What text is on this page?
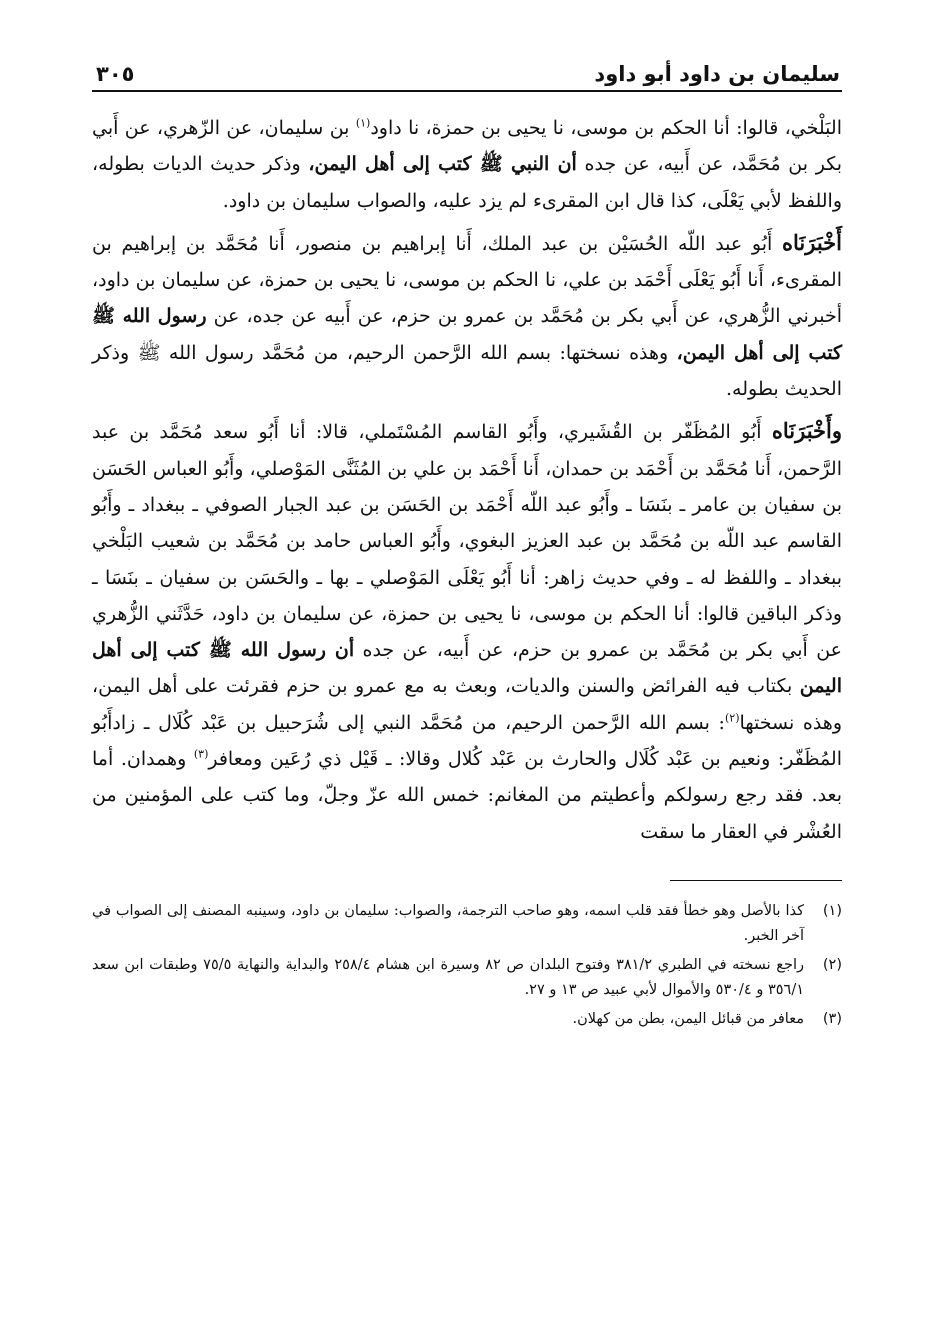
سليمان بن داود أبو داود
٣٠٥

البَلْخي، قالوا: أنا الحكم بن موسى، نا يحيى بن حمزة، نا داود$^{(١)}$ بن سليمان، عن الزّهري، عن أَبي بكر بن مُحَمَّد، عن أَبيه، عن جده أن النبي ﷺ كتب إلى أهل اليمن، وذكر حديث الديات بطوله، واللفظ لأبي يَعْلَى، كذا قال ابن المقرىء لم يزد عليه، والصواب سليمان بن داود.

أَخْبَرَنَاه أَبُو عبد اللّه الحُسَيْن بن عبد الملك، أَنا إبراهيم بن منصور، أَنا مُحَمَّد بن إبراهيم بن المقرىء، أَنا أَبُو يَعْلَى أَحْمَد بن علي، نا الحكم بن موسى، نا يحيى بن حمزة، عن سليمان بن داود، أخبرني الزُّهري، عن أَبي بكر بن مُحَمَّد بن عمرو بن حزم، عن أَبيه عن جده، عن رسول الله ﷺ كتب إلى أهل اليمن، وهذه نسختها: بسم الله الرَّحمن الرحيم، من مُحَمَّد رسول الله ﷺ وذكر الحديث بطوله.

وأَخْبَرَنَاه أَبُو المُظَفّر بن القُشَيري، وأَبُو القاسم المُسْتَملي، قالا: أنا أَبُو سعد مُحَمَّد بن عبد الرَّحمن، أَنا مُحَمَّد بن أَحْمَد بن حمدان، أَنا أَحْمَد بن علي بن المُثَنَّى المَوْصلي، وأَبُو العباس الحَسَن بن سفيان بن عامر ـ بنَسَا ـ وأَبُو عبد اللّه أَحْمَد بن الحَسَن بن عبد الجبار الصوفي ـ ببغداد ـ وأَبُو القاسم عبد اللّه بن مُحَمَّد بن عبد العزيز البغوي، وأَبُو العباس حامد بن مُحَمَّد بن شعيب البَلْخي ببغداد ـ واللفظ له ـ وفي حديث زاهر: أنا أَبُو يَعْلَى المَوْصلي ـ بها ـ والحَسَن بن سفيان ـ بنَسَا ـ وذكر الباقين قالوا: أنا الحكم بن موسى، نا يحيى بن حمزة، عن سليمان بن داود، حَدَّثَني الزُّهري عن أَبي بكر بن مُحَمَّد بن عمرو بن حزم، عن أَبيه، عن جده أن رسول الله ﷺ كتب إلى أهل اليمن بكتاب فيه الفرائض والسنن والديات، وبعث به مع عمرو بن حزم فقرئت على أهل اليمن، وهذه نسختها$^{(٢)}$: بسم الله الرَّحمن الرحيم، من مُحَمَّد النبي إلى شُرَحبيل بن عَبْد كُلَال ـ زادأَبُو المُظَفّر: ونعيم بن عَبْد كُلَال والحارث بن عَبْد كُلال وقالا: ـ قَيْل ذي رُعَين ومعافر$^{(٣)}$ وهمدان. أما بعد. فقد رجع رسولكم وأعطيتم من المغانم: خمس الله عزّ وجلّ، وما كتب على المؤمنين من العُشْر في العقار ما سقت

(١)
كذا بالأصل وهو خطأ فقد قلب اسمه، وهو صاحب الترجمة، والصواب: سليمان بن داود، وسينبه المصنف إلى الصواب في آخر الخبر.
(٢)
راجع نسخته في الطبري ٣٨١/٢ وفتوح البلدان ص ٨٢ وسيرة ابن هشام ٢٥٨/٤ والبداية والنهاية ٧٥/٥ وطبقات ابن سعد ٣٥٦/١ و ٥٣٠/٤ والأموال لأبي عبيد ص ١٣ و ٢٧.
(٣)
معافر من قبائل اليمن، بطن من كهلان.
